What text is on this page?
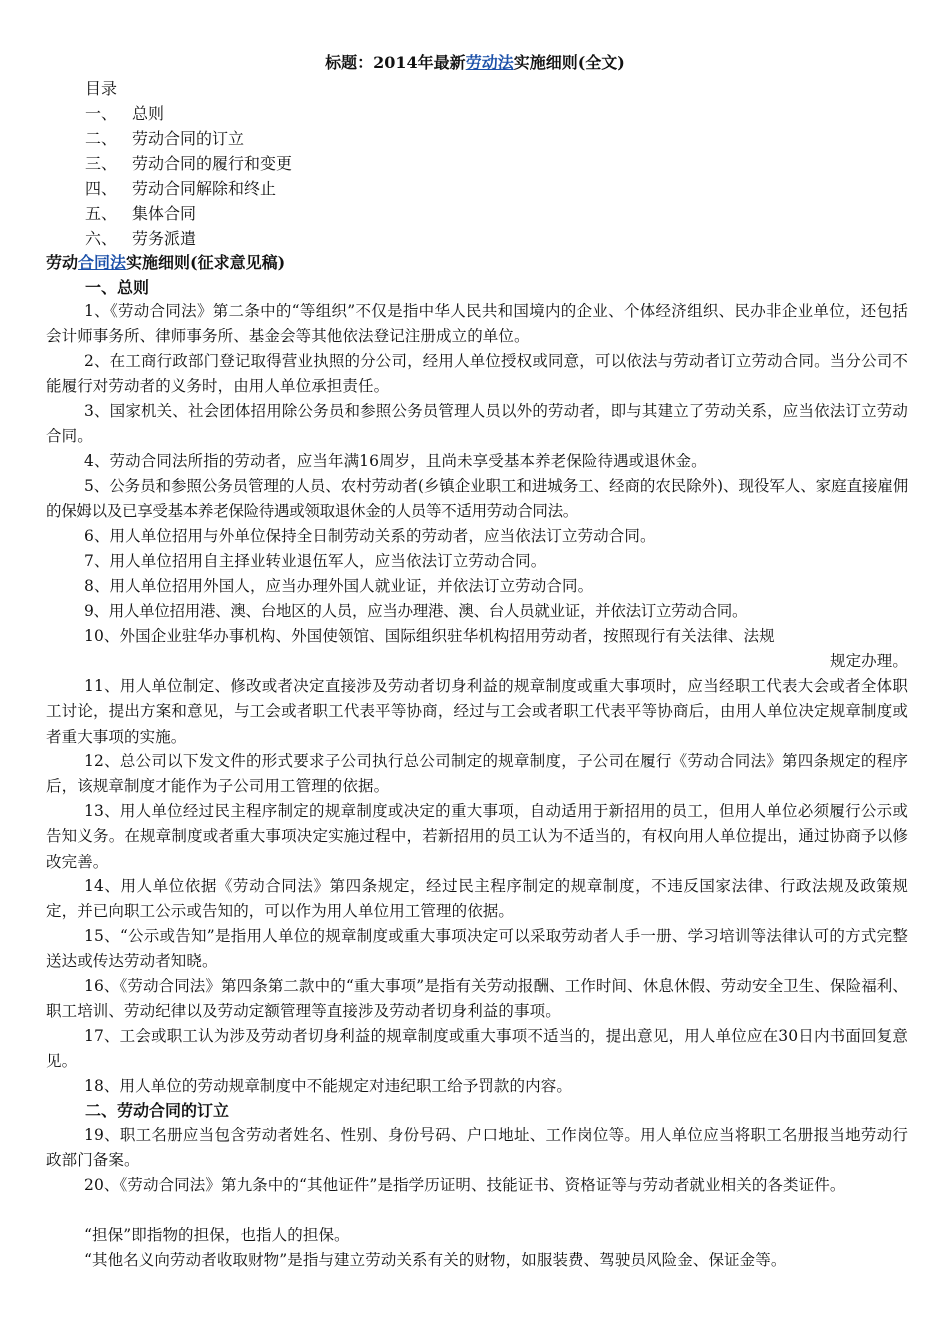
标题：2014年最新劳动法实施细则(全文)
目录
一、 总则
二、 劳动合同的订立
三、 劳动合同的履行和变更
四、 劳动合同解除和终止
五、 集体合同
六、 劳务派遣
劳动合同法实施细则(征求意见稿)
一、总则

1、《劳动合同法》第二条中的“等组织”不仅是指中华人民共和国境内的企业、个体经济组织、民办非企业单位，还包括会计师事务所、律师事务所、基金会等其他依法登记注册成立的单位。

2、在工商行政部门登记取得营业执照的分公司，经用人单位授权或同意，可以依法与劳动者订立劳动合同。当分公司不能履行对劳动者的义务时，由用人单位承担责任。

3、国家机关、社会团体招用除公务员和参照公务员管理人员以外的劳动者，即与其建立了劳动关系，应当依法订立劳动合同。

4、劳动合同法所指的劳动者，应当年满16周岁，且尚未享受基本养老保险待遇或退休金。

5、公务员和参照公务员管理的人员、农村劳动者(乡镇企业职工和进城务工、经商的农民除外)、现役军人、家庭直接雇佣的保姆以及已享受基本养老保险待遇或领取退休金的人员等不适用劳动合同法。

6、用人单位招用与外单位保持全日制劳动关系的劳动者，应当依法订立劳动合同。

7、用人单位招用自主择业转业退伍军人，应当依法订立劳动合同。

8、用人单位招用外国人，应当办理外国人就业证，并依法订立劳动合同。

9、用人单位招用港、澳、台地区的人员，应当办理港、澳、台人员就业证，并依法订立劳动合同。

10、外国企业驻华办事机构、外国使领馆、国际组织驻华机构招用劳动者，按照现行有关法律、法规
规定办理。

11、用人单位制定、修改或者决定直接涉及劳动者切身利益的规章制度或重大事项时，应当经职工代表大会或者全体职工讨论，提出方案和意见，与工会或者职工代表平等协商，经过与工会或者职工代表平等协商后，由用人单位决定规章制度或者重大事项的实施。

12、总公司以下发文件的形式要求子公司执行总公司制定的规章制度，子公司在履行《劳动合同法》第四条规定的程序后，该规章制度才能作为子公司用工管理的依据。

13、用人单位经过民主程序制定的规章制度或决定的重大事项，自动适用于新招用的员工，但用人单位必须履行公示或告知义务。在规章制度或者重大事项决定实施过程中，若新招用的员工认为不适当的，有权向用人单位提出，通过协商予以修改完善。

14、用人单位依据《劳动合同法》第四条规定，经过民主程序制定的规章制度，不违反国家法律、行政法规及政策规定，并已向职工公示或告知的，可以作为用人单位用工管理的依据。

15、“公示或告知”是指用人单位的规章制度或重大事项决定可以采取劳动者人手一册、学习培训等法律认可的方式完整送达或传达劳动者知晓。

16、《劳动合同法》第四条第二款中的“重大事项”是指有关劳动报酬、工作时间、休息休假、劳动安全卫生、保险福利、职工培训、劳动纪律以及劳动定额管理等直接涉及劳动者切身利益的事项。

17、工会或职工认为涉及劳动者切身利益的规章制度或重大事项不适当的，提出意见，用人单位应在30日内书面回复意见。

18、用人单位的劳动规章制度中不能规定对违纪职工给予罚款的内容。

二、劳动合同的订立

19、职工名册应当包含劳动者姓名、性别、身份号码、户口地址、工作岗位等。用人单位应当将职工名册报当地劳动行政部门备案。

20、《劳动合同法》第九条中的“其他证件”是指学历证明、技能证书、资格证等与劳动者就业相关的各类证件。

“担保”即指物的担保，也指人的担保。

“其他名义向劳动者收取财物”是指与建立劳动关系有关的财物，如服装费、驾驶员风险金、保证金等。
